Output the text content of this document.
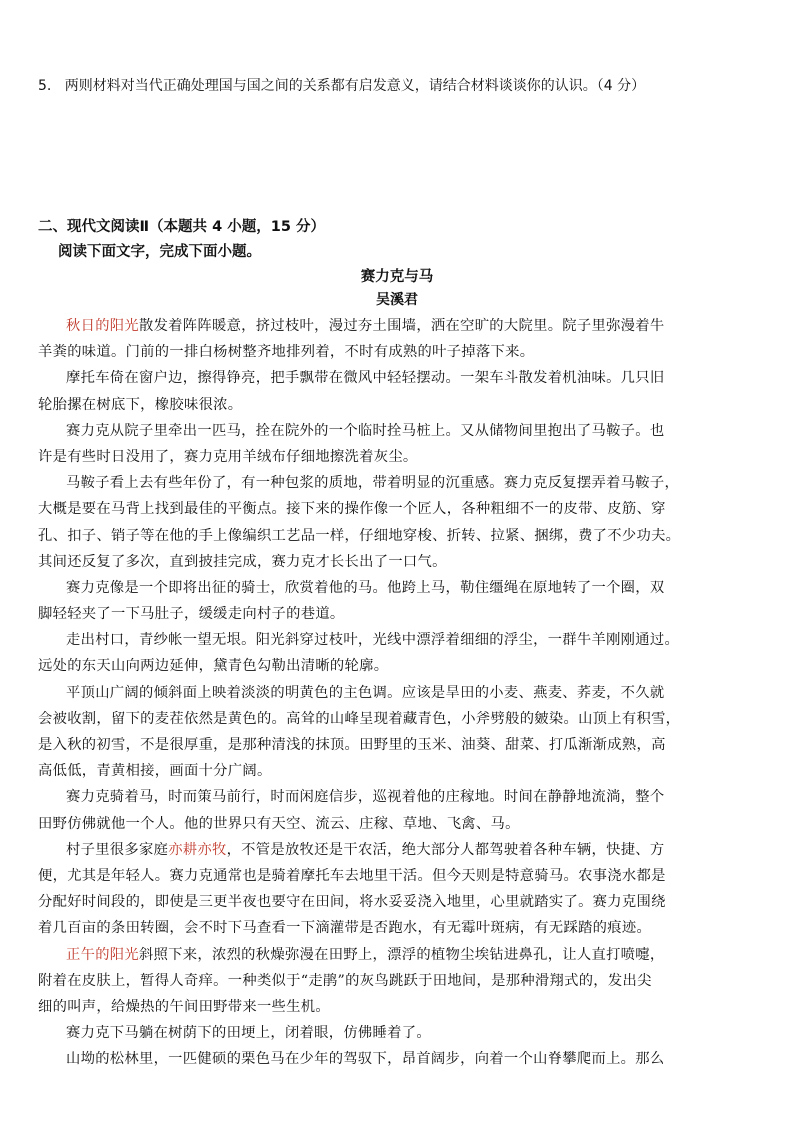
5. 两则材料对当代正确处理国与国之间的关系都有启发意义，请结合材料谈谈你的认识。（4 分）
二、现代文阅读Ⅱ（本题共 4 小题，15 分）
阅读下面文字，完成下面小题。
赛力克与马
吴溪君
秋日的阳光散发着阵阵暖意，挤过枝叶，漫过夯土围墙，洒在空旷的大院里。院子里弥漫着牛
羊粪的味道。门前的一排白杨树整齐地排列着，不时有成熟的叶子掉落下来。
摩托车倚在窗户边，擦得铮亮，把手飘带在微风中轻轻摆动。一架车斗散发着机油味。几只旧
轮胎摞在树底下，橡胶味很浓。
赛力克从院子里牵出一匹马，拴在院外的一个临时拴马桩上。又从储物间里抱出了马鞍子。也
许是有些时日没用了，赛力克用羊绒布仔细地擦洗着灰尘。
马鞍子看上去有些年份了，有一种包浆的质地，带着明显的沉重感。赛力克反复摆弄着马鞍子，
大概是要在马背上找到最佳的平衡点。接下来的操作像一个匠人，各种粗细不一的皮带、皮筋、穿
孔、扣子、销子等在他的手上像编织工艺品一样，仔细地穿梭、折转、拉紧、捆绑，费了不少功夫。
其间还反复了多次，直到披挂完成，赛力克才长长出了一口气。
赛力克像是一个即将出征的骑士，欣赏着他的马。他跨上马，勒住缰绳在原地转了一个圈，双
脚轻轻夹了一下马肚子，缓缓走向村子的巷道。
走出村口，青纱帐一望无垠。阳光斜穿过枝叶，光线中漂浮着细细的浮尘，一群牛羊刚刚通过。
远处的东天山向两边延伸，黛青色勾勒出清晰的轮廓。
平顶山广阔的倾斜面上映着淡淡的明黄色的主色调。应该是旱田的小麦、燕麦、荞麦，不久就
会被收割，留下的麦茬依然是黄色的。高耸的山峰呈现着藏青色，小斧劈般的皴染。山顶上有积雪，
是入秋的初雪，不是很厚重，是那种清浅的抹顶。田野里的玉米、油葵、甜菜、打瓜渐渐成熟，高
高低低，青黄相接，画面十分广阔。
赛力克骑着马，时而策马前行，时而闲庭信步，巡视着他的庄稼地。时间在静静地流淌，整个
田野仿佛就他一个人。他的世界只有天空、流云、庄稼、草地、飞禽、马。
村子里很多家庭亦耕亦牧，不管是放牧还是干农活，绝大部分人都驾驶着各种车辆，快捷、方
便，尤其是年轻人。赛力克通常也是骑着摩托车去地里干活。但今天则是特意骑马。农事浇水都是
分配好时间段的，即使是三更半夜也要守在田间，将水妥妥浇入地里，心里就踏实了。赛力克围绕
着几百亩的条田转圈，会不时下马查看一下滴灌带是否跑水，有无霉叶斑病，有无踩踏的痕迹。
正午的阳光斜照下来，浓烈的秋燥弥漫在田野上，漂浮的植物尘埃钻进鼻孔，让人直打喷嚏，
附着在皮肤上，暂得人奇痒。一种类似于“走鹃”的灰鸟跳跃于田地间，是那种滑翔式的，发出尖
细的叫声，给燥热的午间田野带来一些生机。
赛力克下马躺在树荫下的田埂上，闭着眼，仿佛睡着了。
山坳的松林里，一匹健硕的栗色马在少年的驾驭下，昂首阔步，向着一个山脊攀爬而上。那么
